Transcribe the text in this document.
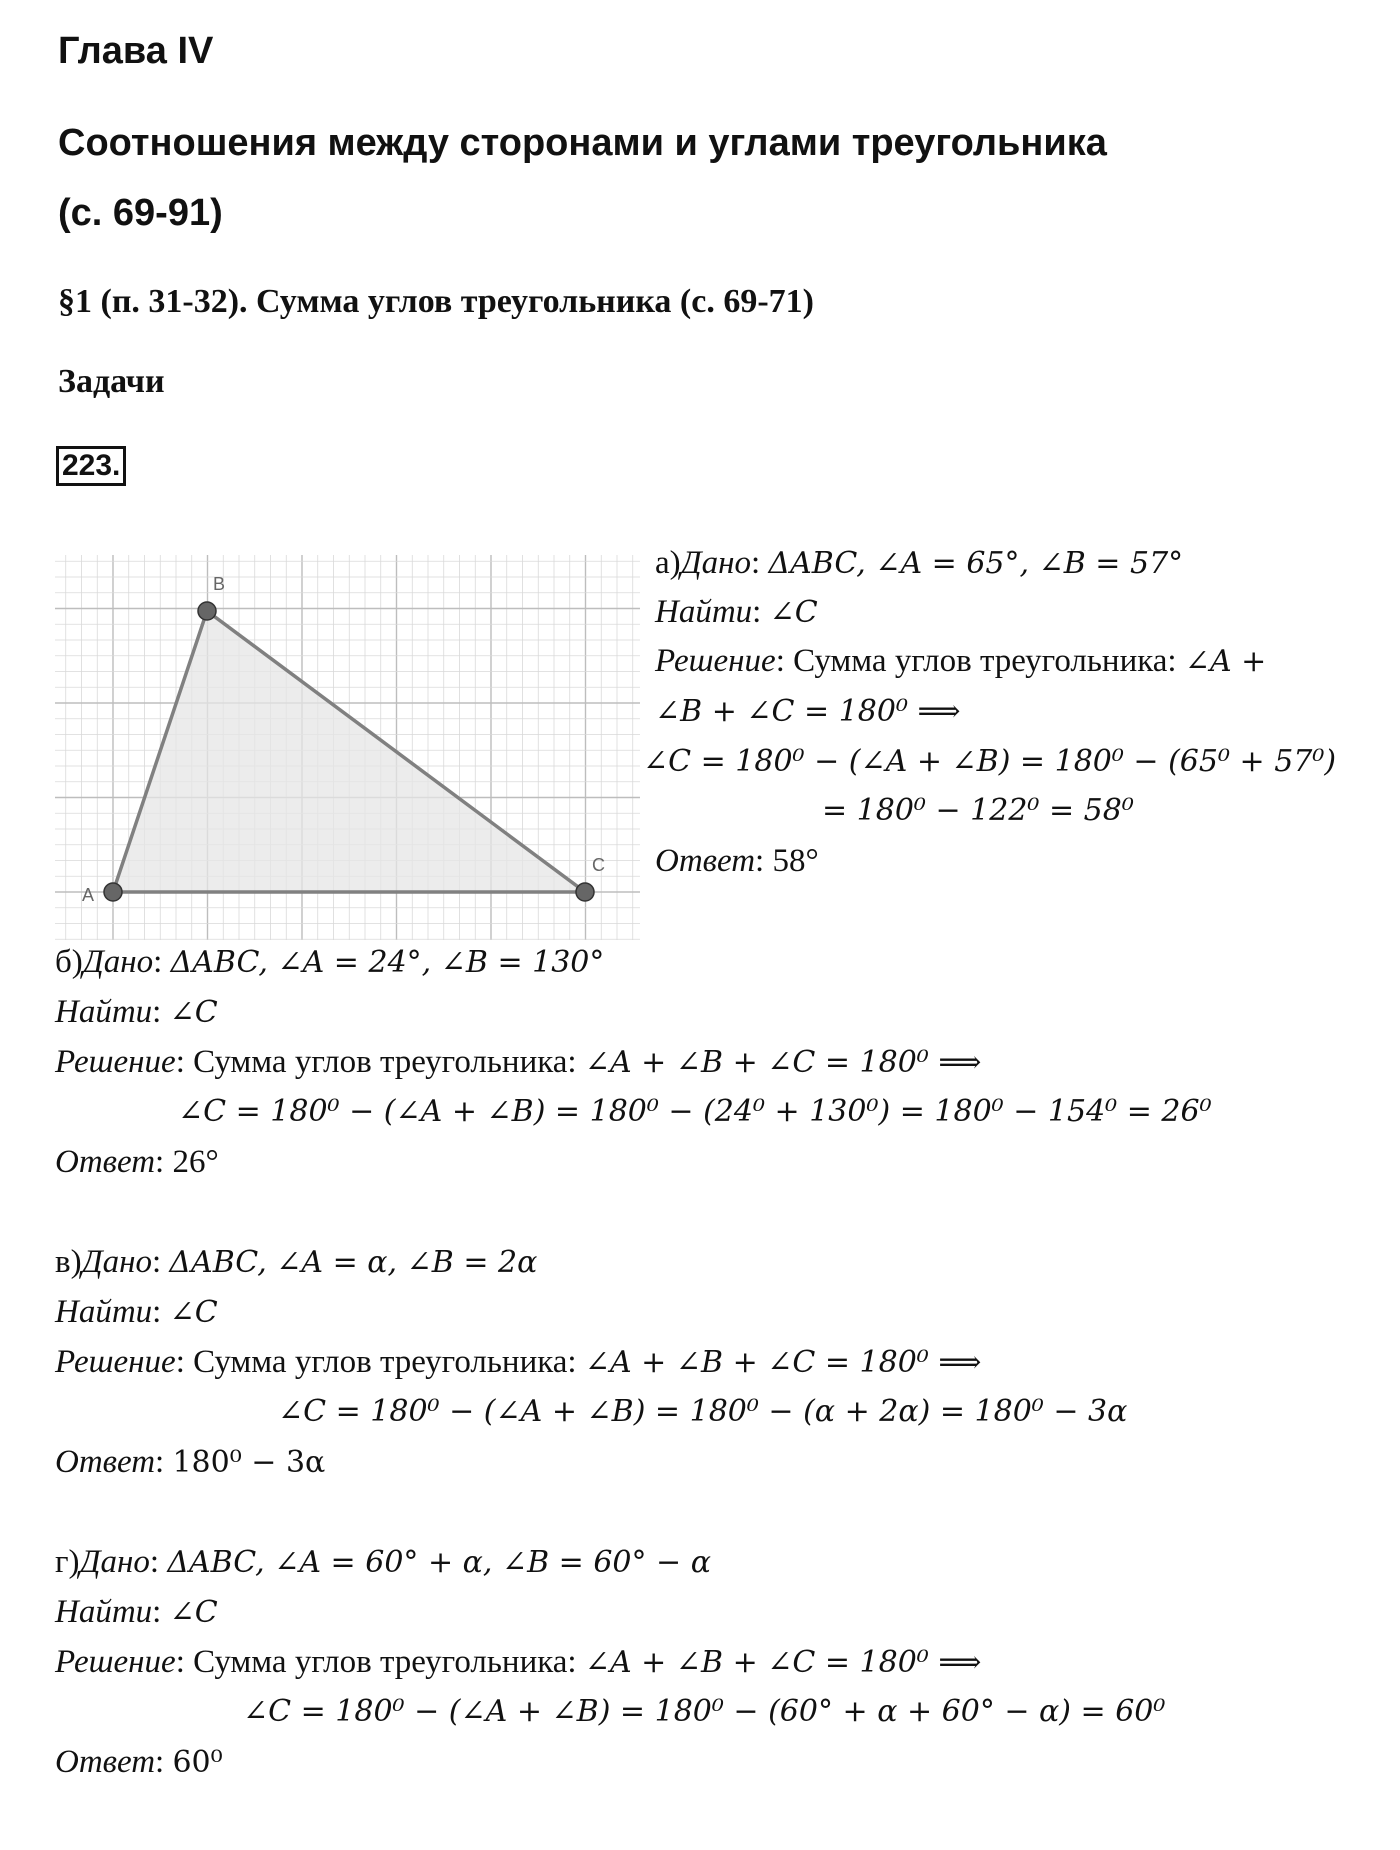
Глава IV
Соотношения между сторонами и углами треугольника
(с. 69-91)
§1 (п. 31-32). Сумма углов треугольника (с. 69-71)
Задачи
223.
A
B
C
а)Дано: ΔABC, ∠A = 65°, ∠B = 57°
Найти: ∠C
Решение: Сумма углов треугольника: ∠A +
∠B + ∠C = 180⁰ ⟹
∠C = 180⁰ − (∠A + ∠B) = 180⁰ − (65⁰ + 57⁰)
= 180⁰ − 122⁰ = 58⁰
Ответ: 58°
б)Дано: ΔABC, ∠A = 24°, ∠B = 130°
Найти: ∠C
Решение: Сумма углов треугольника: ∠A + ∠B + ∠C = 180⁰ ⟹
∠C = 180⁰ − (∠A + ∠B) = 180⁰ − (24⁰ + 130⁰) = 180⁰ − 154⁰ = 26⁰
Ответ: 26°
в)Дано: ΔABC, ∠A = α, ∠B = 2α
Найти: ∠C
Решение: Сумма углов треугольника: ∠A + ∠B + ∠C = 180⁰ ⟹
∠C = 180⁰ − (∠A + ∠B) = 180⁰ − (α + 2α) = 180⁰ − 3α
Ответ: 180⁰ − 3α
г)Дано: ΔABC, ∠A = 60° + α, ∠B = 60° − α
Найти: ∠C
Решение: Сумма углов треугольника: ∠A + ∠B + ∠C = 180⁰ ⟹
∠C = 180⁰ − (∠A + ∠B) = 180⁰ − (60° + α + 60° − α) = 60⁰
Ответ: 60⁰
